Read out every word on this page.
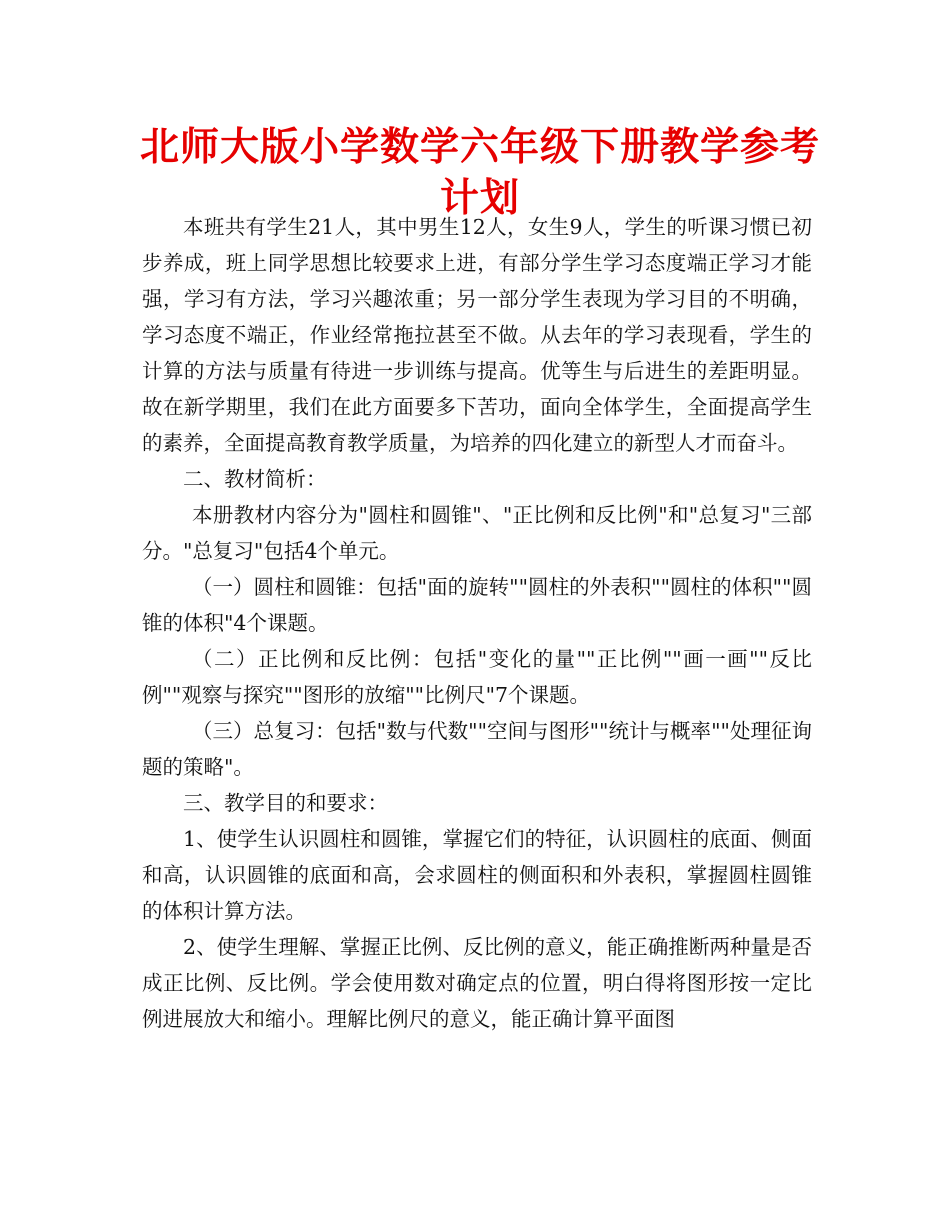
北师大版小学数学六年级下册教学参考计划

本班共有学生21人，其中男生12人，女生9人，学生的听课习惯已初步养成，班上同学思想比较要求上进，有部分学生学习态度端正学习才能强，学习有方法，学习兴趣浓重；另一部分学生表现为学习目的不明确，学习态度不端正，作业经常拖拉甚至不做。从去年的学习表现看，学生的计算的方法与质量有待进一步训练与提高。优等生与后进生的差距明显。故在新学期里，我们在此方面要多下苦功，面向全体学生，全面提高学生的素养，全面提高教育教学质量，为培养的四化建立的新型人才而奋斗。

二、教材简析：

本册教材内容分为"圆柱和圆锥"、"正比例和反比例"和"总复习"三部分。"总复习"包括4个单元。

（一）圆柱和圆锥：包括"面的旋转""圆柱的外表积""圆柱的体积""圆锥的体积"4个课题。

（二）正比例和反比例：包括"变化的量""正比例""画一画""反比例""观察与探究""图形的放缩""比例尺"7个课题。

（三）总复习：包括"数与代数""空间与图形""统计与概率""处理征询题的策略"。

三、教学目的和要求：

1、使学生认识圆柱和圆锥，掌握它们的特征，认识圆柱的底面、侧面和高，认识圆锥的底面和高，会求圆柱的侧面积和外表积，掌握圆柱圆锥的体积计算方法。

2、使学生理解、掌握正比例、反比例的意义，能正确推断两种量是否成正比例、反比例。学会使用数对确定点的位置，明白得将图形按一定比例进展放大和缩小。理解比例尺的意义，能正确计算平面图
